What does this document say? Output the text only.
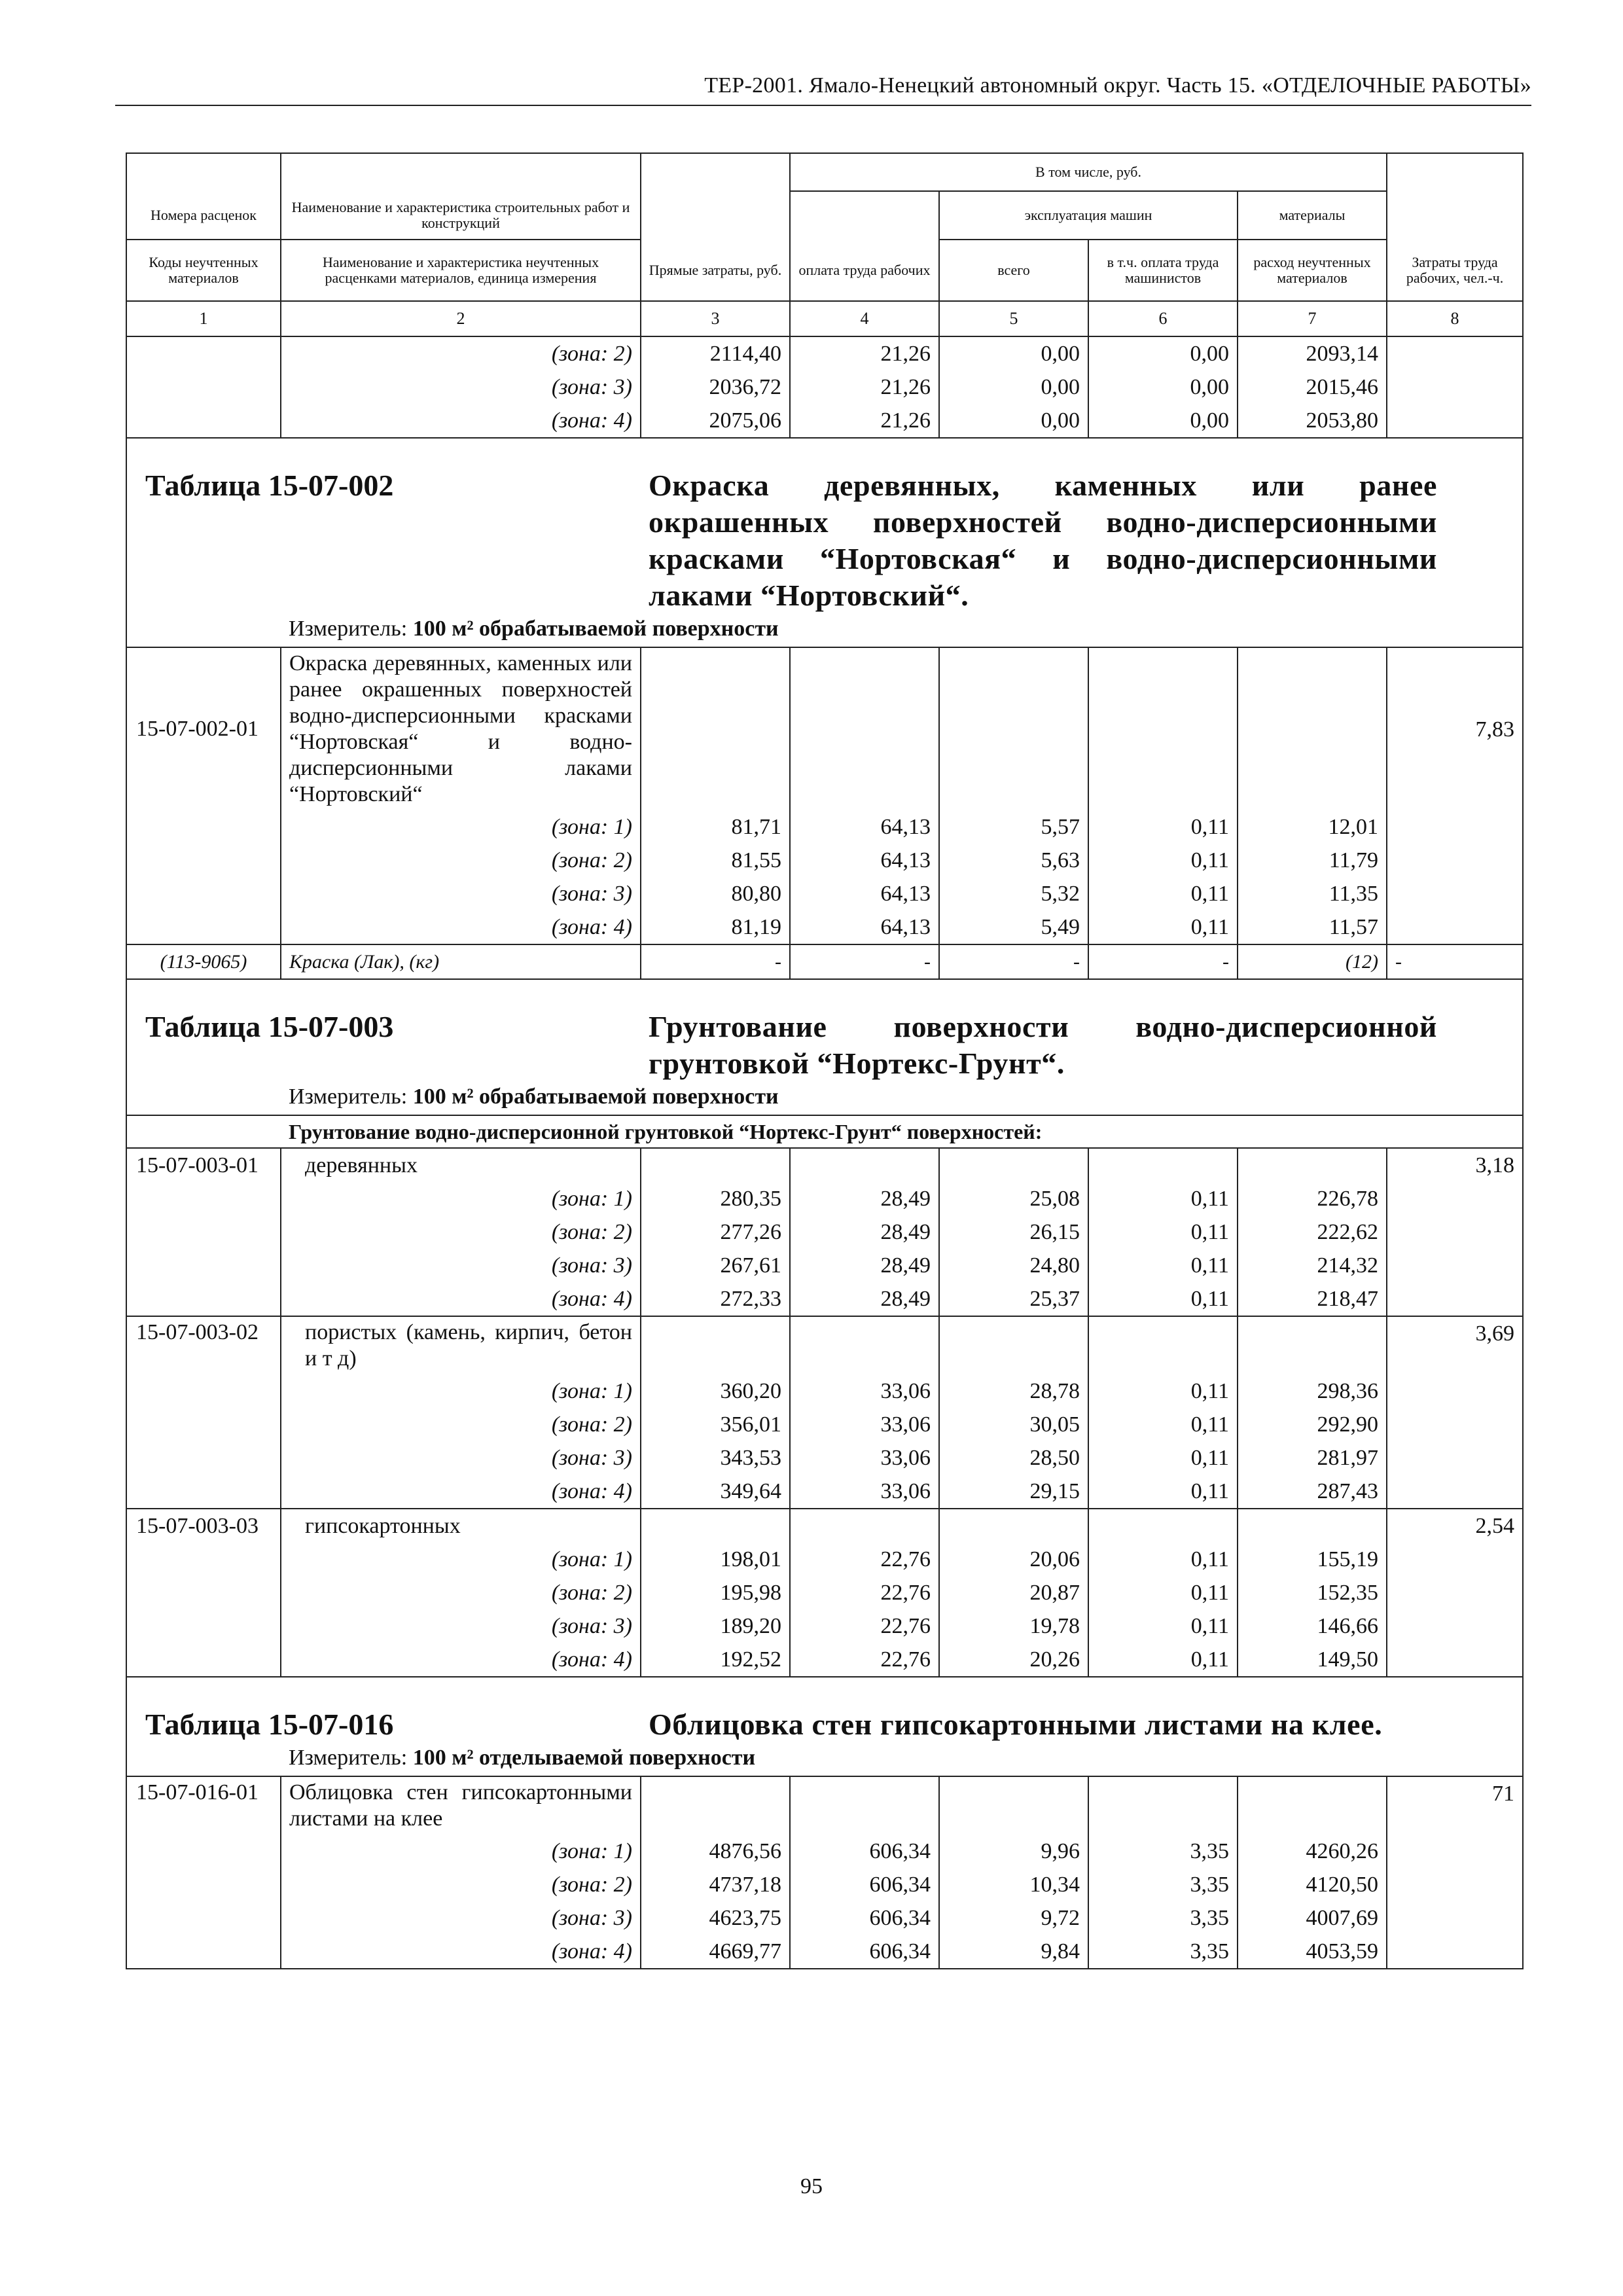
ТЕР-2001. Ямало-Ненецкий автономный округ. Часть 15. «ОТДЕЛОЧНЫЕ РАБОТЫ»
			В том числе, руб.				
Номера расценок	Наименование и характеристика строительных работ и конструкций			эксплуатация машин		материалы	
Коды неучтенных материалов	Наименование и характеристика неучтенных расценками материалов, единица измерения	Прямые затраты, руб.	оплата труда рабочих	всего	в т.ч. оплата труда машинистов	расход неучтенных материалов	Затраты труда рабочих, чел.-ч.
1	2	3	4	5	6	7	8
	(зона: 2)	2114,40	21,26	0,00	0,00	2093,14	
	(зона: 3)	2036,72	21,26	0,00	0,00	2015,46	
	(зона: 4)	2075,06	21,26	0,00	0,00	2053,80	
Таблица 15-07-002		Окраска деревянных, каменных или ранее окрашенных поверхностей водно-дисперсионными красками “Нортовская“ и водно-дисперсионными лаками “Нортовский“.					
	Измеритель: 100 м² обрабатываемой поверхности						
15-07-002-01	Окраска деревянных, каменных или ранее окрашенных поверхностей водно-дисперсионными красками “Нортовская“ и водно-дисперсионными лаками “Нортовский“						7,83
	(зона: 1)	81,71	64,13	5,57	0,11	12,01	
	(зона: 2)	81,55	64,13	5,63	0,11	11,79	
	(зона: 3)	80,80	64,13	5,32	0,11	11,35	
	(зона: 4)	81,19	64,13	5,49	0,11	11,57	
(113-9065)	Краска (Лак), (кг)	-	-	-	-	(12)	-
Таблица 15-07-003		Грунтование поверхности водно-дисперсионной грунтовкой “Нортекс-Грунт“.					
	Измеритель: 100 м² обрабатываемой поверхности						
	Грунтование водно-дисперсионной грунтовкой “Нортекс-Грунт“ поверхностей:						
15-07-003-01	деревянных						3,18
	(зона: 1)	280,35	28,49	25,08	0,11	226,78	
	(зона: 2)	277,26	28,49	26,15	0,11	222,62	
	(зона: 3)	267,61	28,49	24,80	0,11	214,32	
	(зона: 4)	272,33	28,49	25,37	0,11	218,47	
15-07-003-02	пористых (камень, кирпич, бетон и т д)						3,69
	(зона: 1)	360,20	33,06	28,78	0,11	298,36	
	(зона: 2)	356,01	33,06	30,05	0,11	292,90	
	(зона: 3)	343,53	33,06	28,50	0,11	281,97	
	(зона: 4)	349,64	33,06	29,15	0,11	287,43	
15-07-003-03	гипсокартонных						2,54
	(зона: 1)	198,01	22,76	20,06	0,11	155,19	
	(зона: 2)	195,98	22,76	20,87	0,11	152,35	
	(зона: 3)	189,20	22,76	19,78	0,11	146,66	
	(зона: 4)	192,52	22,76	20,26	0,11	149,50	
Таблица 15-07-016		Облицовка стен гипсокартонными листами на клее.					
	Измеритель: 100 м² отделываемой поверхности						
15-07-016-01	Облицовка стен гипсокартонными листами на клее						71
	(зона: 1)	4876,56	606,34	9,96	3,35	4260,26	
	(зона: 2)	4737,18	606,34	10,34	3,35	4120,50	
	(зона: 3)	4623,75	606,34	9,72	3,35	4007,69	
	(зона: 4)	4669,77	606,34	9,84	3,35	4053,59	
95
